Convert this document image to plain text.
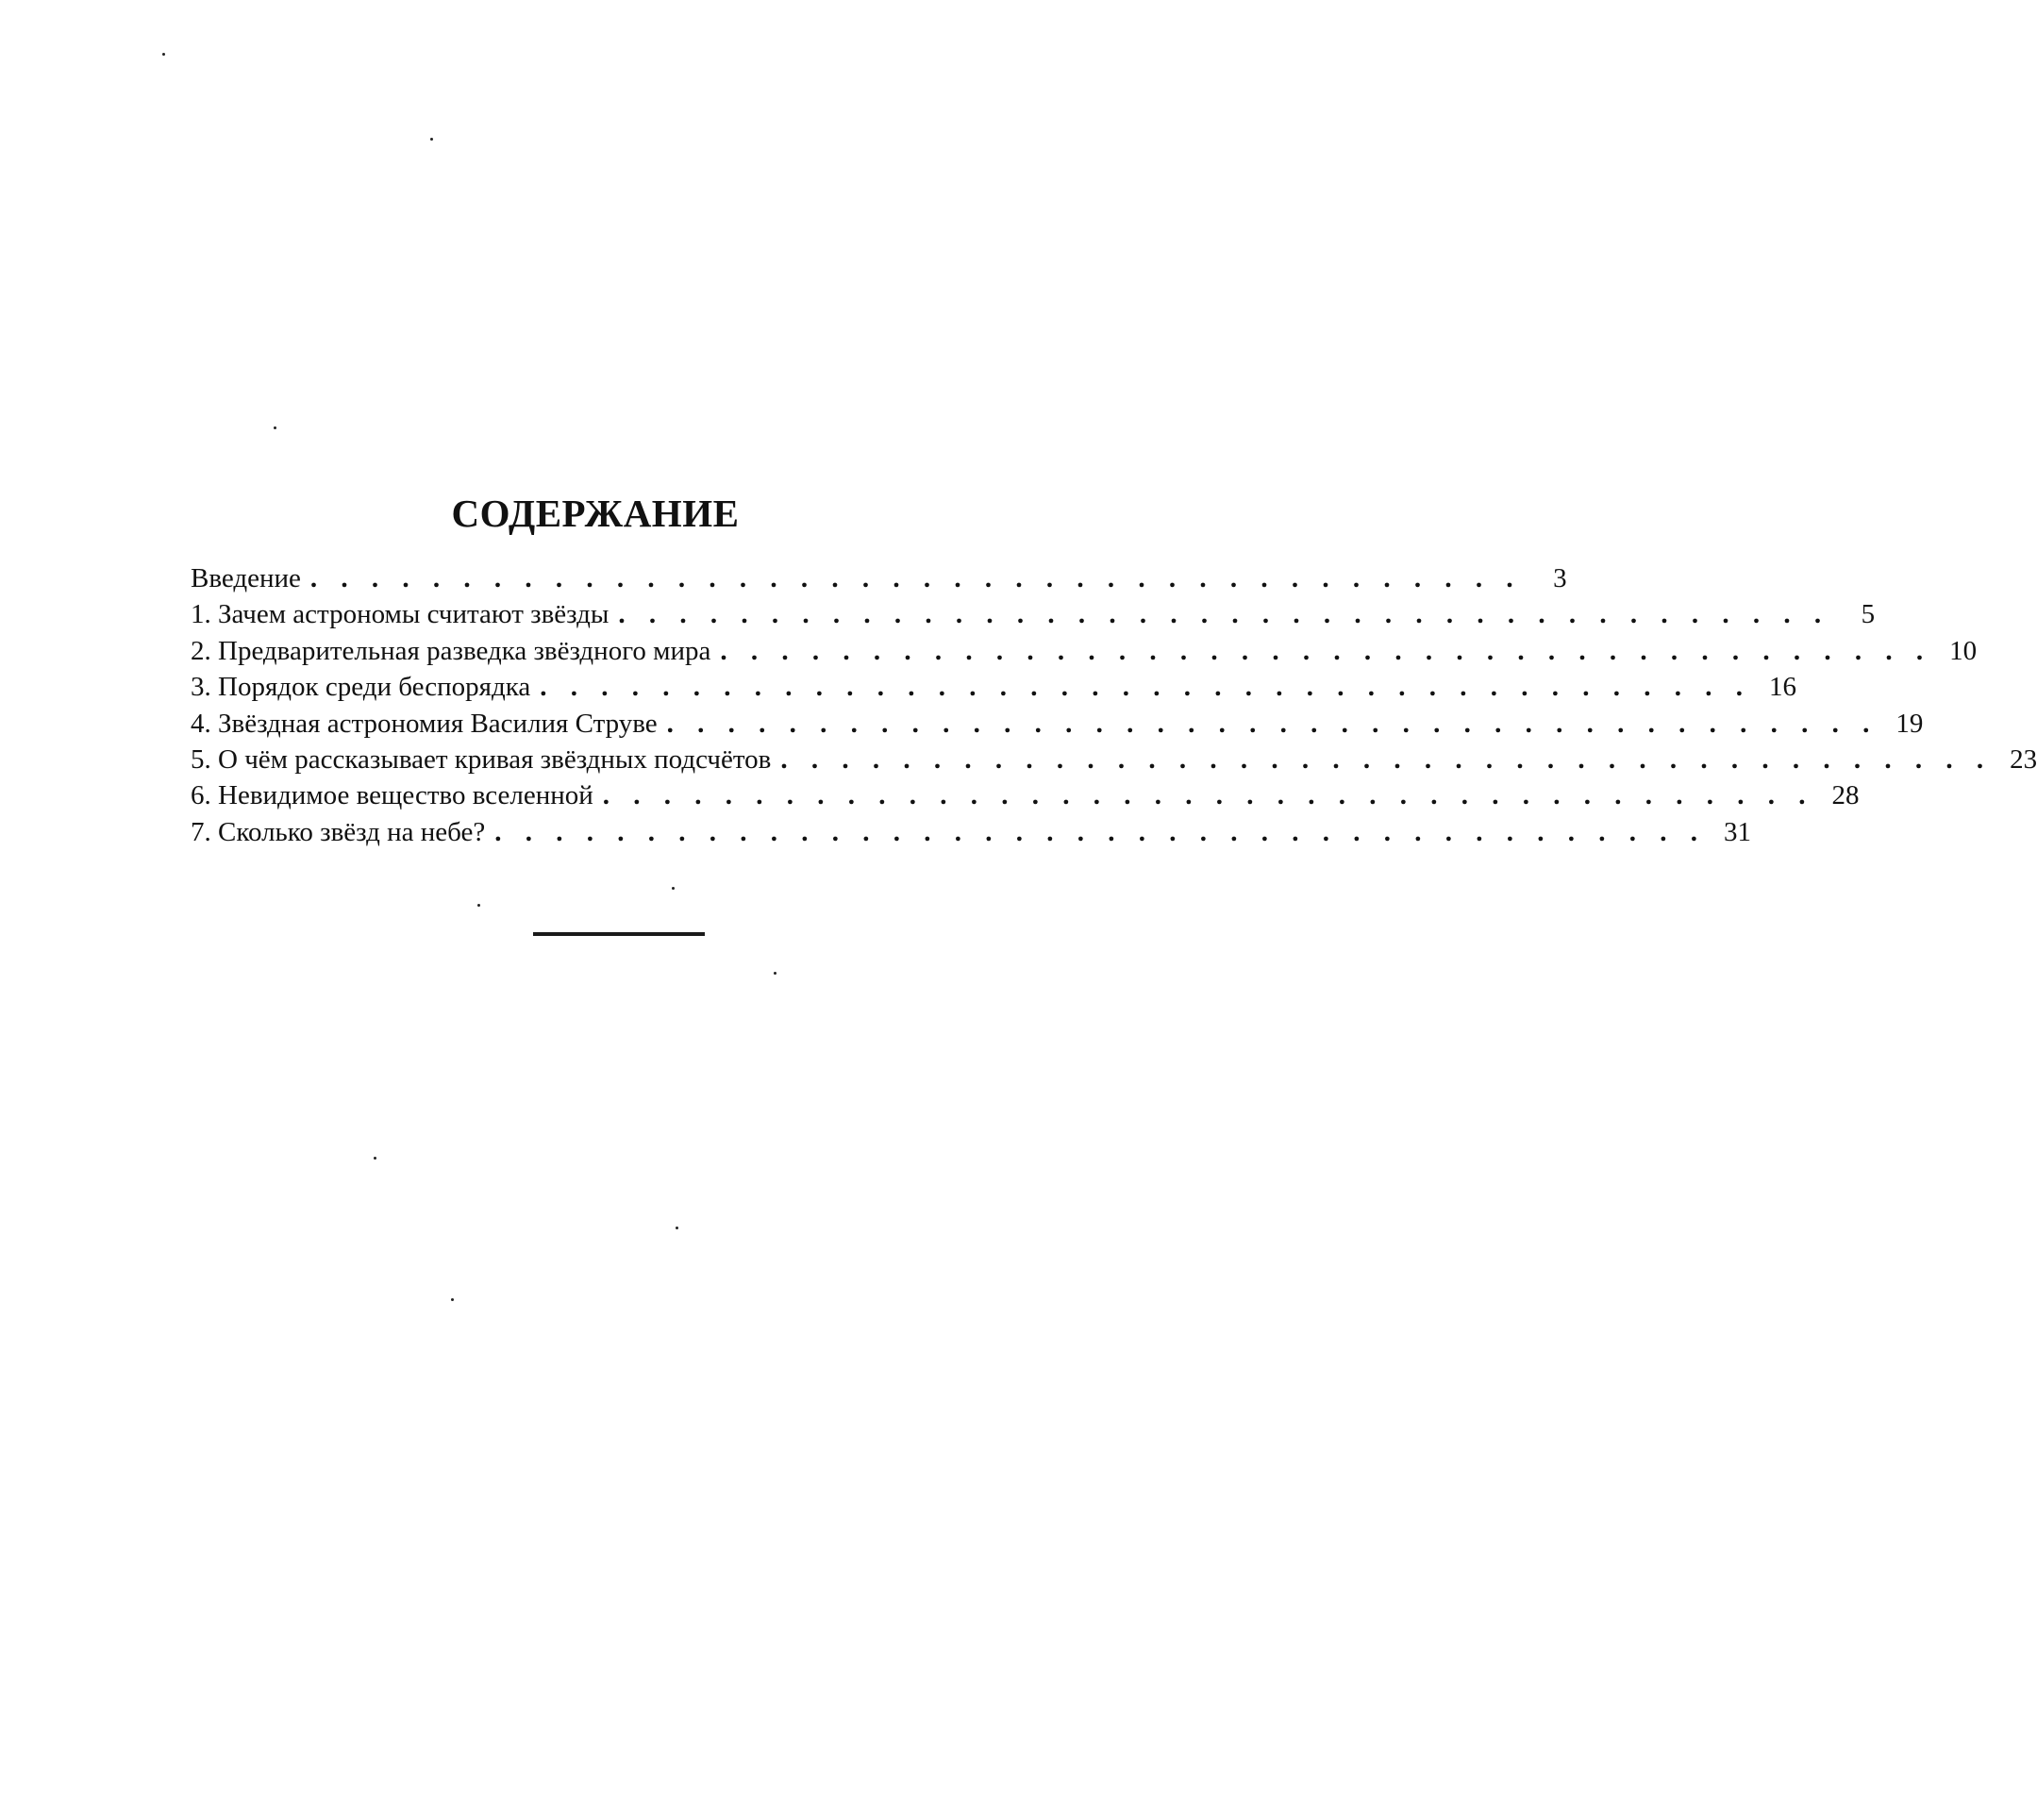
СОДЕРЖАНИЕ
Введение . . . . . . . . . . . . . . . . . . . . . . . . . . . . . . . . . . . . . . . .	3
1. Зачем астрономы считают звёзды . . . . . . . . . . . . . . . . . . . . . . . . . . . . . . . . . . . . . . . .	5
2. Предварительная разведка звёздного мира . . . . . . . . . . . . . . . . . . . . . . . . . . . . . . . . . . . . . . . . 10
3. Порядок среди беспорядка . . . . . . . . . . . . . . . . . . . . . . . . . . . . . . . . . . . . . . . . 16
4. Звёздная астрономия Василия Струве . . . . . . . . . . . . . . . . . . . . . . . . . . . . . . . . . . . . . . . . 19
5. О чём рассказывает кривая звёздных подсчётов . . . . . . . . . . . . . . . . . . . . . . . . . . . . . . . . . . . . . . . . 23
6. Невидимое вещество вселенной . . . . . . . . . . . . . . . . . . . . . . . . . . . . . . . . . . . . . . . . 28
7. Сколько звёзд на небе? . . . . . . . . . . . . . . . . . . . . . . . . . . . . . . . . . . . . . . . . 31
